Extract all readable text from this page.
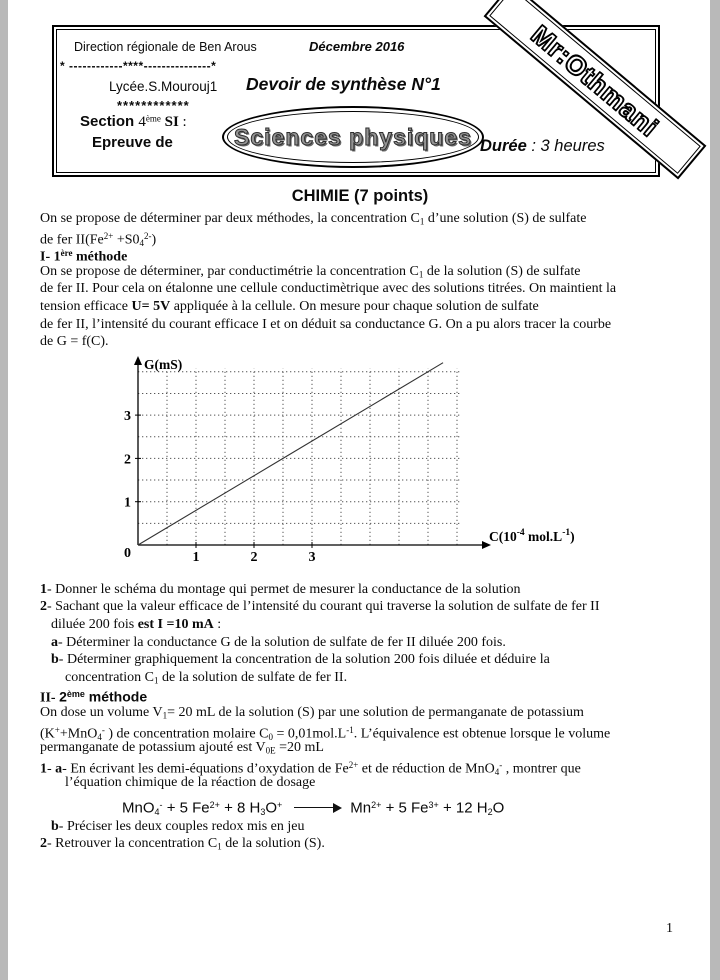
Direction régionale de Ben Arous	Décembre 2016
* ------------****---------------*
Lycée.S.Mourouj1 Devoir de synthèse N°1
************
Section 4ème SI :
Epreuve de	Sciences physiques Durée : 3 heures
Mr:Othmani
CHIMIE (7 points)
On se propose de déterminer par deux méthodes, la concentration $C_1$ d’une solution (S) de sulfate
de fer $II(Fe^{2+} +S0_4^{2-})$
I- 1ère méthode
On se propose de déterminer, par conductimétrie la concentration $C_1$ de la solution (S) de sulfate
de fer II. Pour cela on étalonne une cellule conductimètrique avec des solutions titrées. On maintient la
tension efficace U= 5V appliquée à la cellule. On mesure pour chaque solution de sulfate
de fer II, l’intensité du courant efficace I et on déduit sa conductance G. On a pu alors tracer la courbe
de G = f(C).
1	2	3
1
2
3
0
G(mS)
$C(10^{-4}$ $mol.L^{-1}$)
1- Donner le schéma du montage qui permet de mesurer la conductance de la solution
2- Sachant que la valeur efficace de l’intensité du courant qui traverse la solution de sulfate de fer II
diluée 200 fois est I =10 mA :
a- Déterminer la conductance G de la solution de sulfate de fer II diluée 200 fois.
b- Déterminer graphiquement la concentration de la solution 200 fois diluée et déduire la
concentration $C_1$ de la solution de sulfate de fer II.
II- 2ème méthode
On dose un volume $V_1= 20$ mL de la solution (S) par une solution de permanganate de potassium
(K++MnO$_4$- ) de concentration molaire $C_0 = 0,01mol.L^{-1}$. L’équivalence est obtenue lorsque le volume
permanganate de potassium ajouté est $V_{0E} =20$ mL
1- a- En écrivant les demi-équations d’oxydation de $Fe^{2+}$ et de réduction de MnO$_4$- , montrer que
l’équation chimique de la réaction de dosage
MnO$_4$- + 5 $Fe^{2+} + 8$ $H_3O^+ \to Mn^{2+} + 5$ $Fe^{3+} + 12$ $H_2O$
b- Préciser les deux couples redox mis en jeu
2- Retrouver la concentration $C_1$ de la solution (S).
1
